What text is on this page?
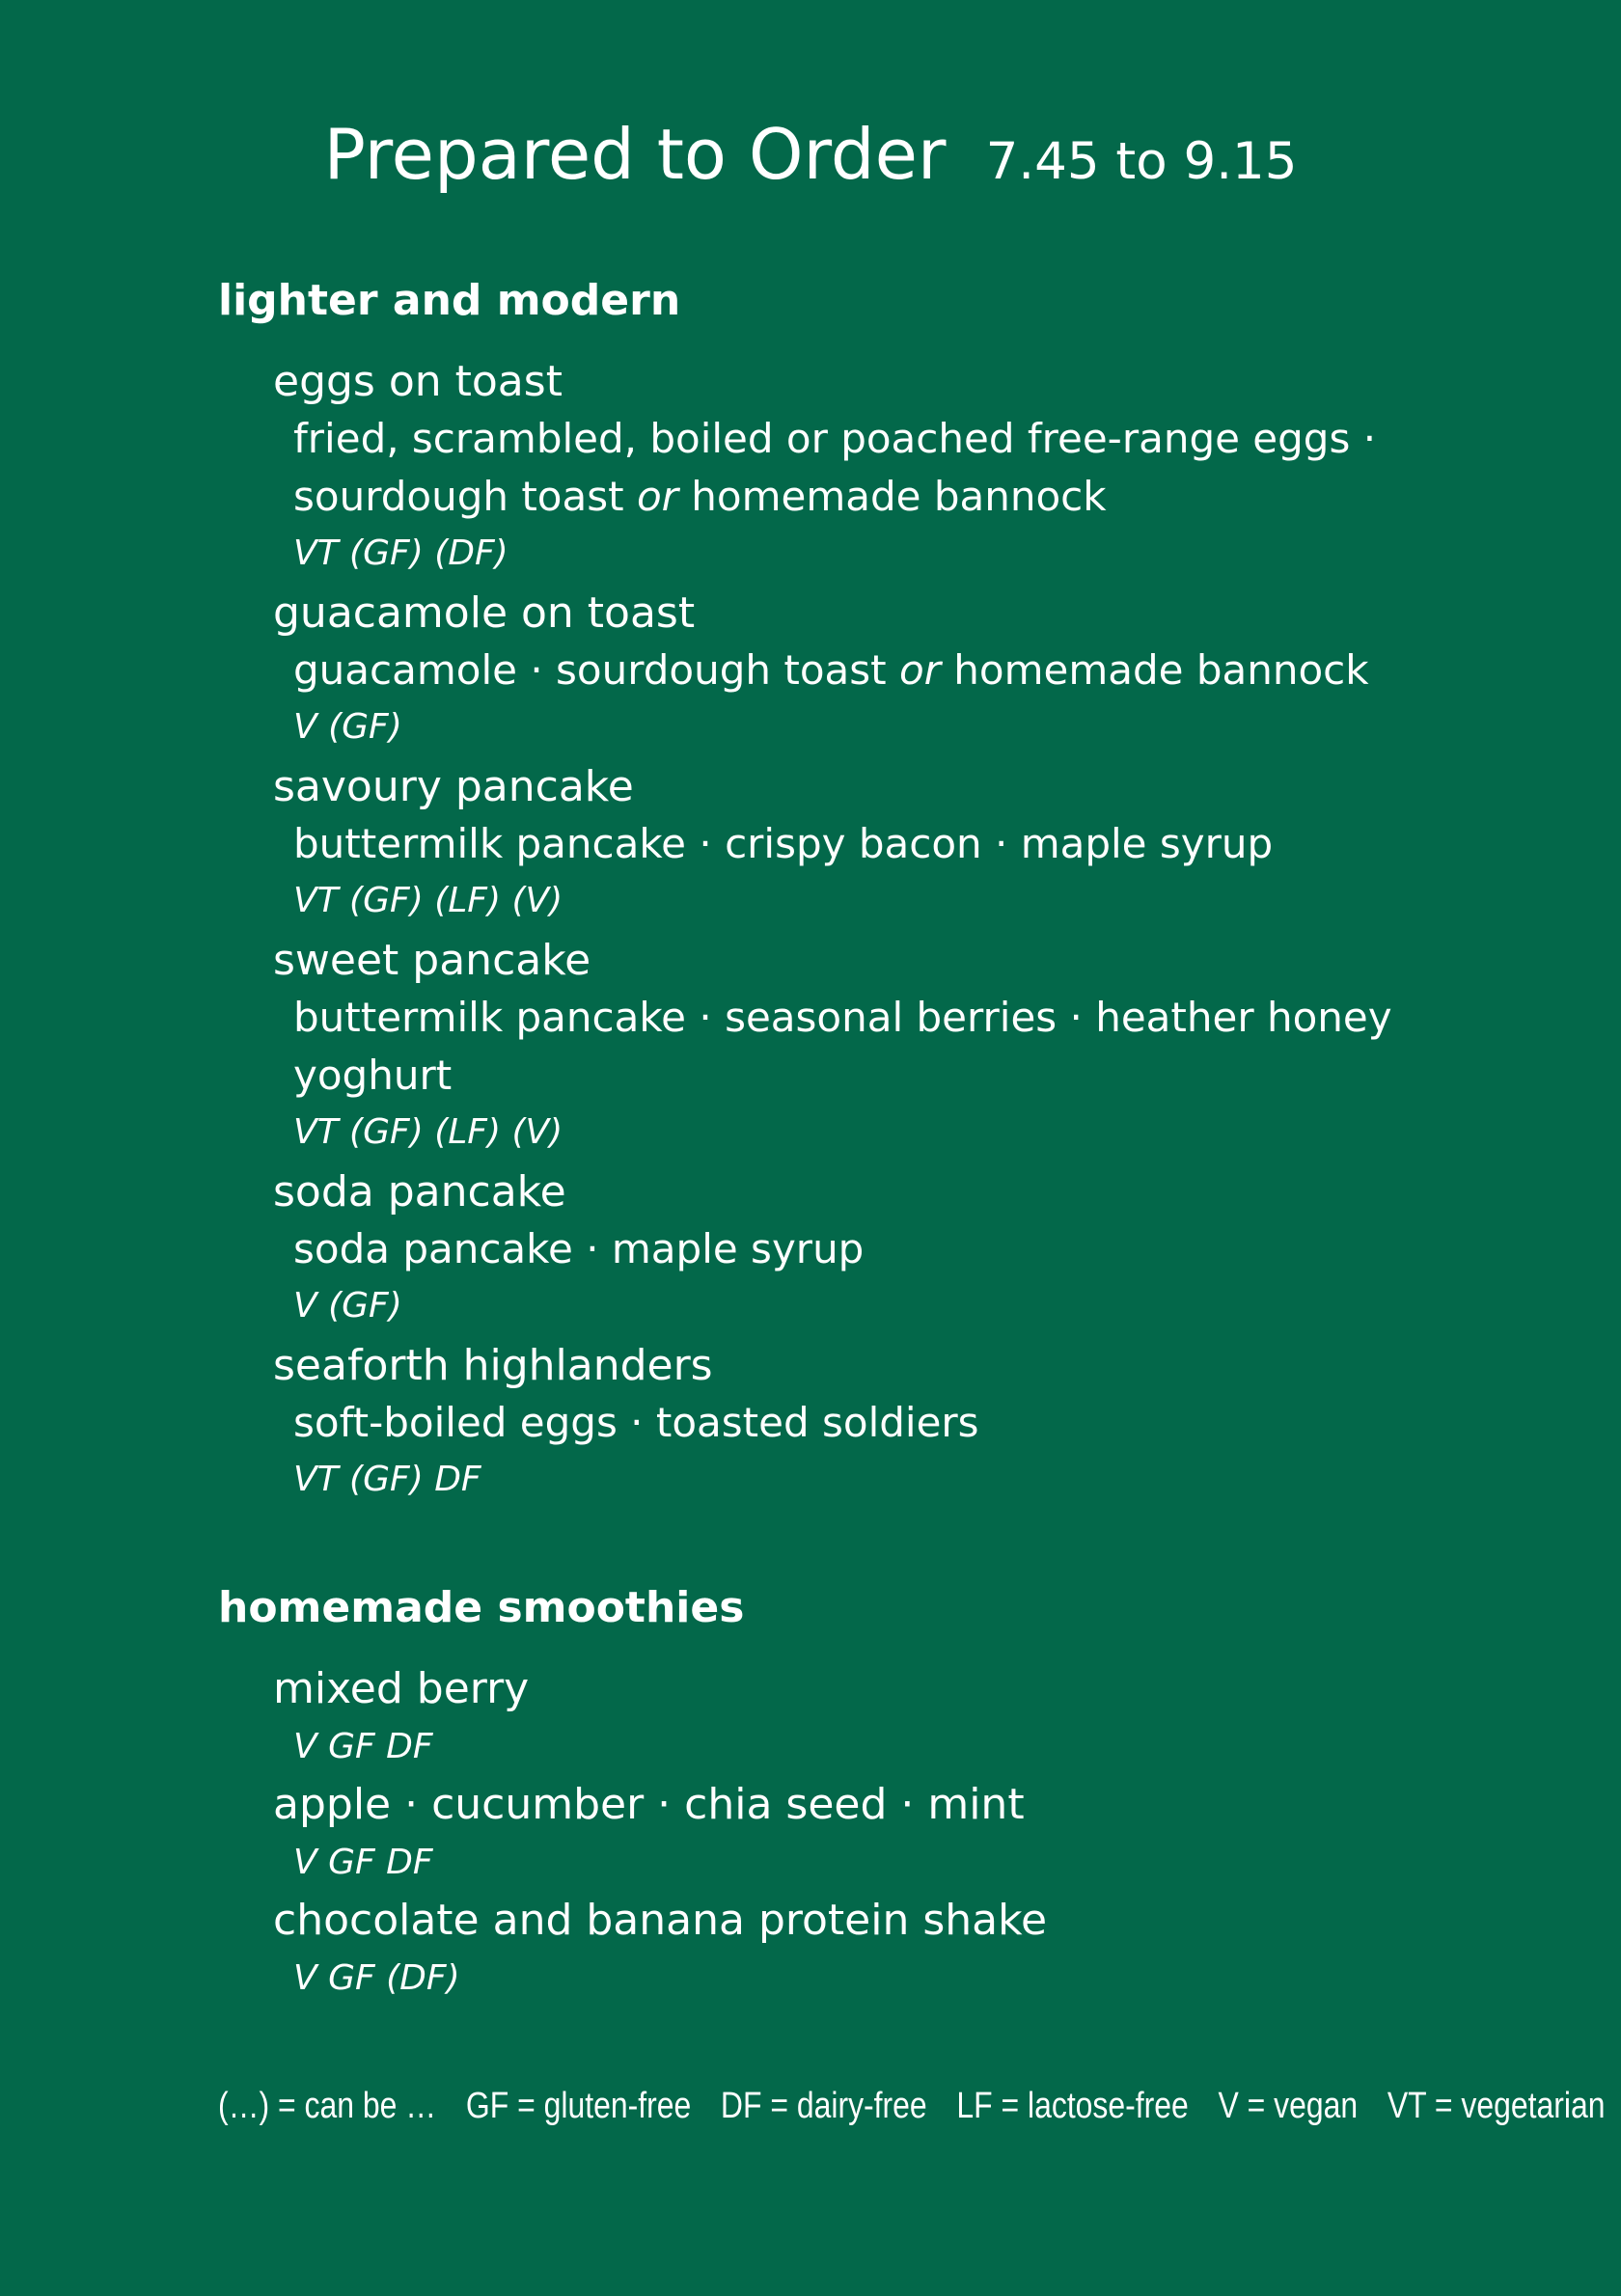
Prepared to Order 7.45 to 9.15
lighter and modern
eggs on toast
fried, scrambled, boiled or poached free-range eggs ·
sourdough toast or homemade bannock
VT (GF) (DF)
guacamole on toast
guacamole · sourdough toast or homemade bannock
V (GF)
savoury pancake
buttermilk pancake · crispy bacon · maple syrup
VT (GF) (LF) (V)
sweet pancake
buttermilk pancake · seasonal berries · heather honey
yoghurt
VT (GF) (LF) (V)
soda pancake
soda pancake · maple syrup
V (GF)
seaforth highlanders
soft-boiled eggs · toasted soldiers
VT (GF) DF
homemade smoothies
mixed berry
V GF DF
apple · cucumber · chia seed · mint
V GF DF
chocolate and banana protein shake
V GF (DF)
(…) = can be … GF = gluten-free DF = dairy-free LF = lactose-free V = vegan VT = vegetarian
